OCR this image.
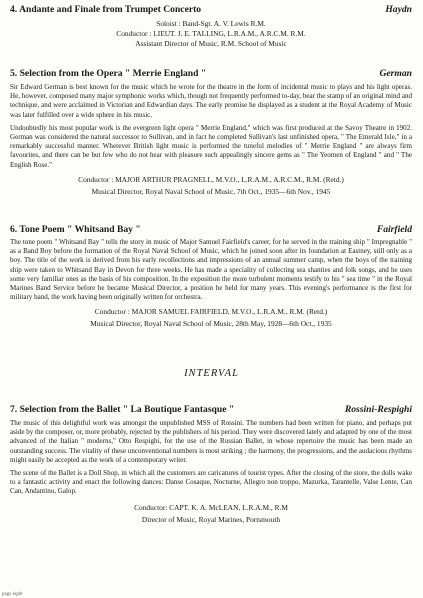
4. Andante and Finale from Trumpet Concerto	Haydn
Soloist : Band-Sgt. A. V. Lewis R.M.
Conductor : LIEUT. J. E. TALLING, L.R.A.M., A.R.C.M. R.M.
Assistant Director of Music, R.M. School of Music
5. Selection from the Opera " Merrie England "	German

Sir Edward German is best known for the music which he wrote for the theatre in the form of incidental music to plays and his light operas. He, however, composed many major symphonic works which, though not frequently performed to-day, bear the stamp of an original mind and technique, and were acclaimed in Victorian and Edwardian days. The early promise he displayed as a student at the Royal Academy of Music was later fulfilled over a wide sphere in his music.

Undoubtedly his most popular work is the evergreen light opera " Merrie England," which was first produced at the Savoy Theatre in 1902. German was considered the natural successor to Sullivan, and in fact he completed Sullivan's last unfinished opera, " The Emerald Isle," in a remarkably successful manner. Wherever British light music is performed the tuneful melodies of " Merrie England " are always firm favourites, and there can be but few who do not hear with pleasure such appealingly sincere gems as " The Yeomen of England " and " The English Rose."

Conductor : MAJOR ARTHUR PRAGNELL, M.V.O., L.R.A.M., A.R.C.M., R.M. (Retd.)
Musical Director, Royal Naval School of Music, 7th Oct., 1935—6th Nov., 1945
6. Tone Poem " Whitsand Bay "	Fairfield

The tone poem " Whitsand Bay " tells the story in music of Major Samuel Fairfield's career, for he served in the training ship " Impregnable " as a Band Boy before the formation of the Royal Naval School of Music, which he joined soon after its foundation at Eastney, still only as a boy. The title of the work is derived from his early recollections and impressions of an annual summer camp, when the boys of the training ship were taken to Whitsand Bay in Devon for three weeks. He has made a speciality of collecting sea shanties and folk songs, and he uses some very familiar ones as the basis of his composition. In the exposition the more turbulent moments testify to his " sea time " in the Royal Marines Band Service before he became Musical Director, a position he held for many years. This evening's performance is the first for military band, the work having been originally written for orchestra.

Conductor : MAJOR SAMUEL FAIRFIELD, M.V.O., L.R.A.M., R.M. (Retd.)
Musical Director, Royal Naval School of Music, 28th May, 1928—6th Oct., 1935
INTERVAL
7. Selection from the Ballet " La Boutique Fantasque "	Rossini-Respighi

The music of this delightful work was amongst the unpublished MSS of Rossini. The numbers had been written for piano, and perhaps put aside by the composer, or, more probably, rejected by the publishers of his period. They were discovered lately and adapted by one of the most advanced of the Italian " moderns," Otto Respighi, for the use of the Russian Ballet, in whose repertoire the music has been made an outstanding success. The vitality of these unconventional numbers is most striking ; the harmony, the progressions, and the audacious rhythms might easily be accepted as the work of a contemporary writer.

The scene of the Ballet is a Doll Shop, in which all the customers are caricatures of tourist types. After the closing of the store, the dolls wake to a fantastic activity and enact the following dances: Danse Cosaque, Nocturne, Allegro non troppo, Mazurka, Tarantelle, Valse Lente, Can Can, Andantino, Galop.

Conductor: CAPT. K. A. McLEAN, L.R.A.M., R.M
Director of Music, Royal Marines, Portsmouth
page eight
